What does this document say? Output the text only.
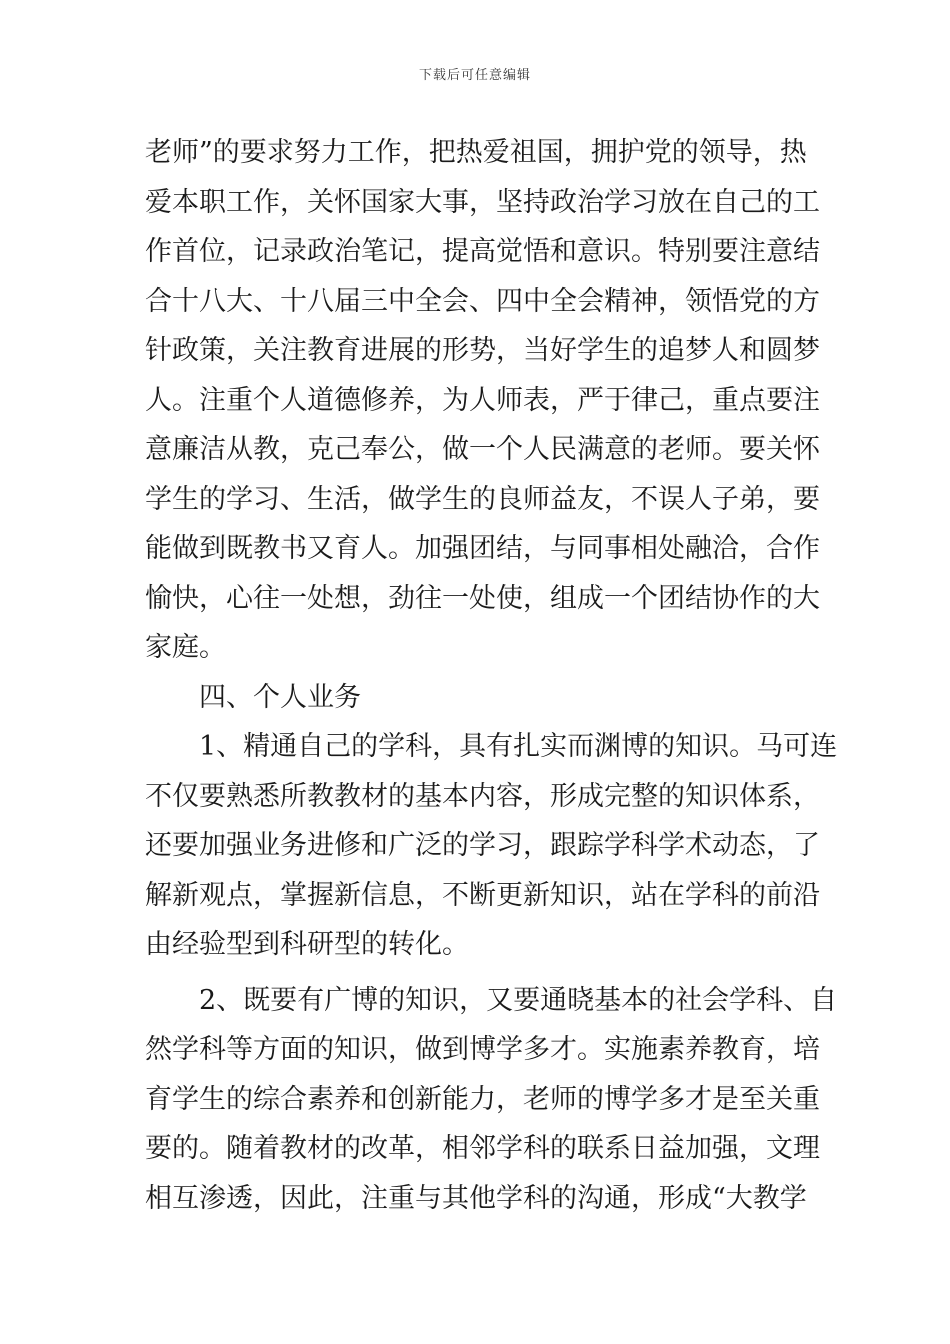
下载后可任意编辑
老师”的要求努力工作，把热爱祖国，拥护党的领导，热
爱本职工作，关怀国家大事，坚持政治学习放在自己的工
作首位，记录政治笔记，提高觉悟和意识。特别要注意结
合十八大、十八届三中全会、四中全会精神，领悟党的方
针政策，关注教育进展的形势，当好学生的追梦人和圆梦
人。注重个人道德修养，为人师表，严于律己，重点要注
意廉洁从教，克己奉公，做一个人民满意的老师。要关怀
学生的学习、生活，做学生的良师益友，不误人子弟，要
能做到既教书又育人。加强团结，与同事相处融洽，合作
愉快，心往一处想，劲往一处使，组成一个团结协作的大
家庭。
四、个人业务
1、精通自己的学科，具有扎实而渊博的知识。马可连
不仅要熟悉所教教材的基本内容，形成完整的知识体系，
还要加强业务进修和广泛的学习，跟踪学科学术动态，了
解新观点，掌握新信息，不断更新知识，站在学科的前沿
由经验型到科研型的转化。
2、既要有广博的知识，又要通晓基本的社会学科、自
然学科等方面的知识，做到博学多才。实施素养教育，培
育学生的综合素养和创新能力，老师的博学多才是至关重
要的。随着教材的改革，相邻学科的联系日益加强，文理
相互渗透，因此，注重与其他学科的沟通，形成“大教学
